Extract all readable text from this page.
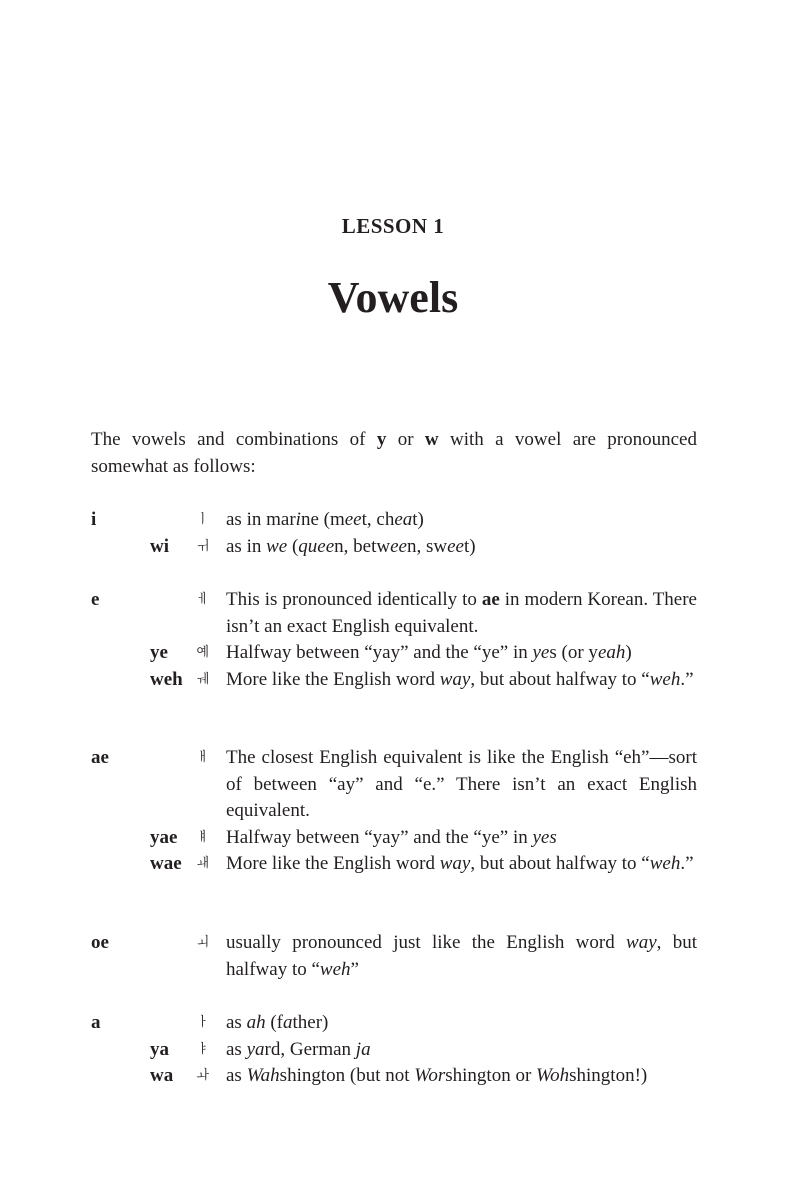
LESSON 1
Vowels

The vowels and combinations of y or w with a vowel are pronounced somewhat as follows:

i	ㅣ as in marine (meet, cheat)
wi ㅟ as in we (queen, between, sweet)
e	ㅔ This is pronounced identically to ae in modern Korean. There isn’t an exact English equivalent.
ye 예 Halfway between “yay” and the “ye” in yes (or yeah)
weh ㅞ More like the English word way, but about halfway to “weh.”
ae	ㅐ The closest English equivalent is like the English “eh”—sort of between “ay” and “e.” There isn’t an exact English equivalent.
yae ㅒ Halfway between “yay” and the “ye” in yes
wae ㅙ More like the English word way, but about halfway to “weh.”
oe	ㅚ usually pronounced just like the English word way, but halfway to “weh”
a	ㅏ as ah (father)
ya ㅑ as yard, German ja
wa ㅘ as Wahshington (but not Worshington or Wohshington!)
